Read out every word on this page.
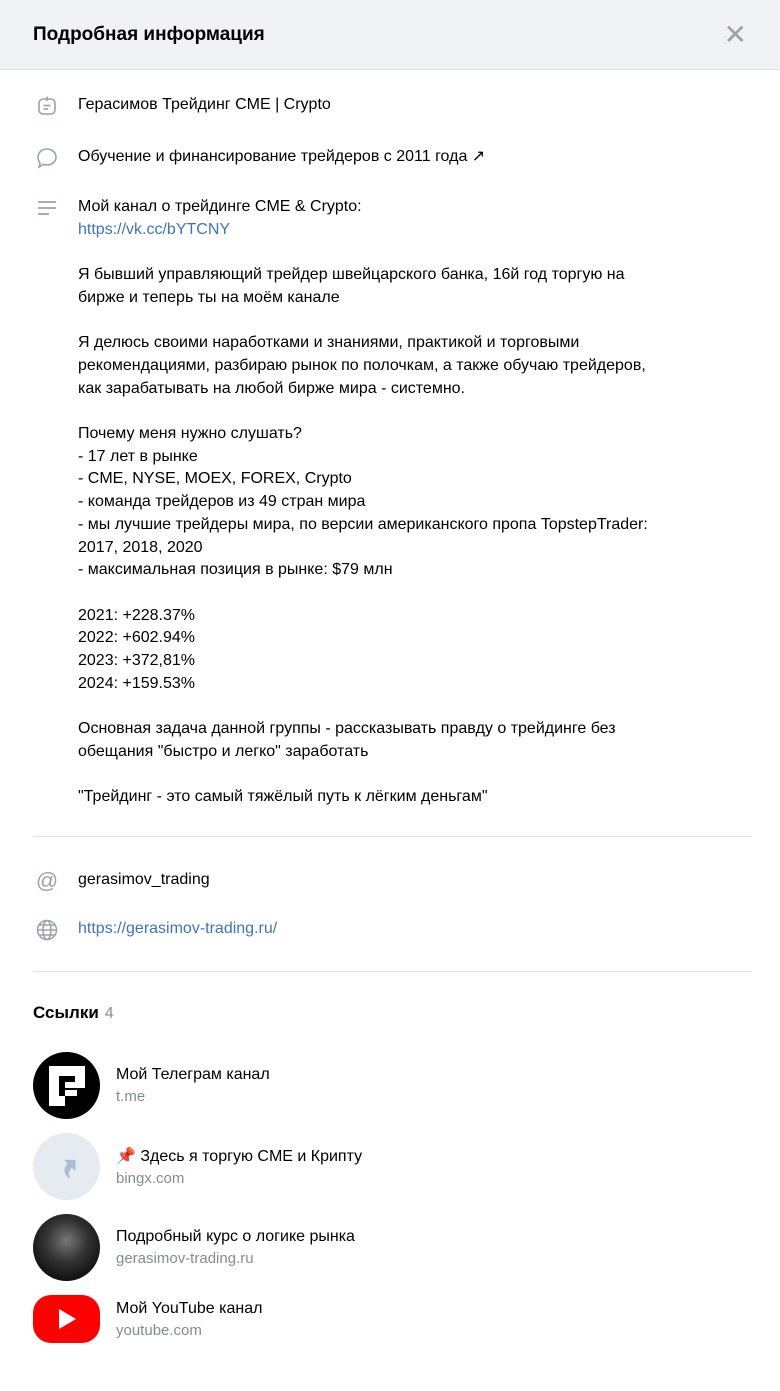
Подробная информация	✕
Герасимов Трейдинг CME | Crypto
Обучение и финансирование трейдеров с 2011 года ↗
Мой канал о трейдинге CME & Crypto:
https://vk.cc/bYTCNY
Я бывший управляющий трейдер швейцарского банка, 16й год торгую на
бирже и теперь ты на моём канале
Я делюсь своими наработками и знаниями, практикой и торговыми
рекомендациями, разбираю рынок по полочкам, а также обучаю трейдеров,
как зарабатывать на любой бирже мира - системно.
Почему меня нужно слушать?
- 17 лет в рынке
- CME, NYSE, MOEX, FOREX, Crypto
- команда трейдеров из 49 стран мира
- мы лучшие трейдеры мира, по версии американского пропа TopstepTrader:
2017, 2018, 2020
- максимальная позиция в рынке: $79 млн
2021: +228.37%
2022: +602.94%
2023: +372,81%
2024: +159.53%
Основная задача данной группы - рассказывать правду о трейдинге без
обещания "быстро и легко" заработать
"Трейдинг - это самый тяжёлый путь к лёгким деньгам"
@ gerasimov_trading
https://gerasimov-trading.ru/
Ссылки 4
Мой Телеграм канал
t.me
📌 Здесь я торгую CME и Крипту
bingx.com
Подробный курс о логике рынка
gerasimov-trading.ru
Мой YouTube канал
youtube.com
